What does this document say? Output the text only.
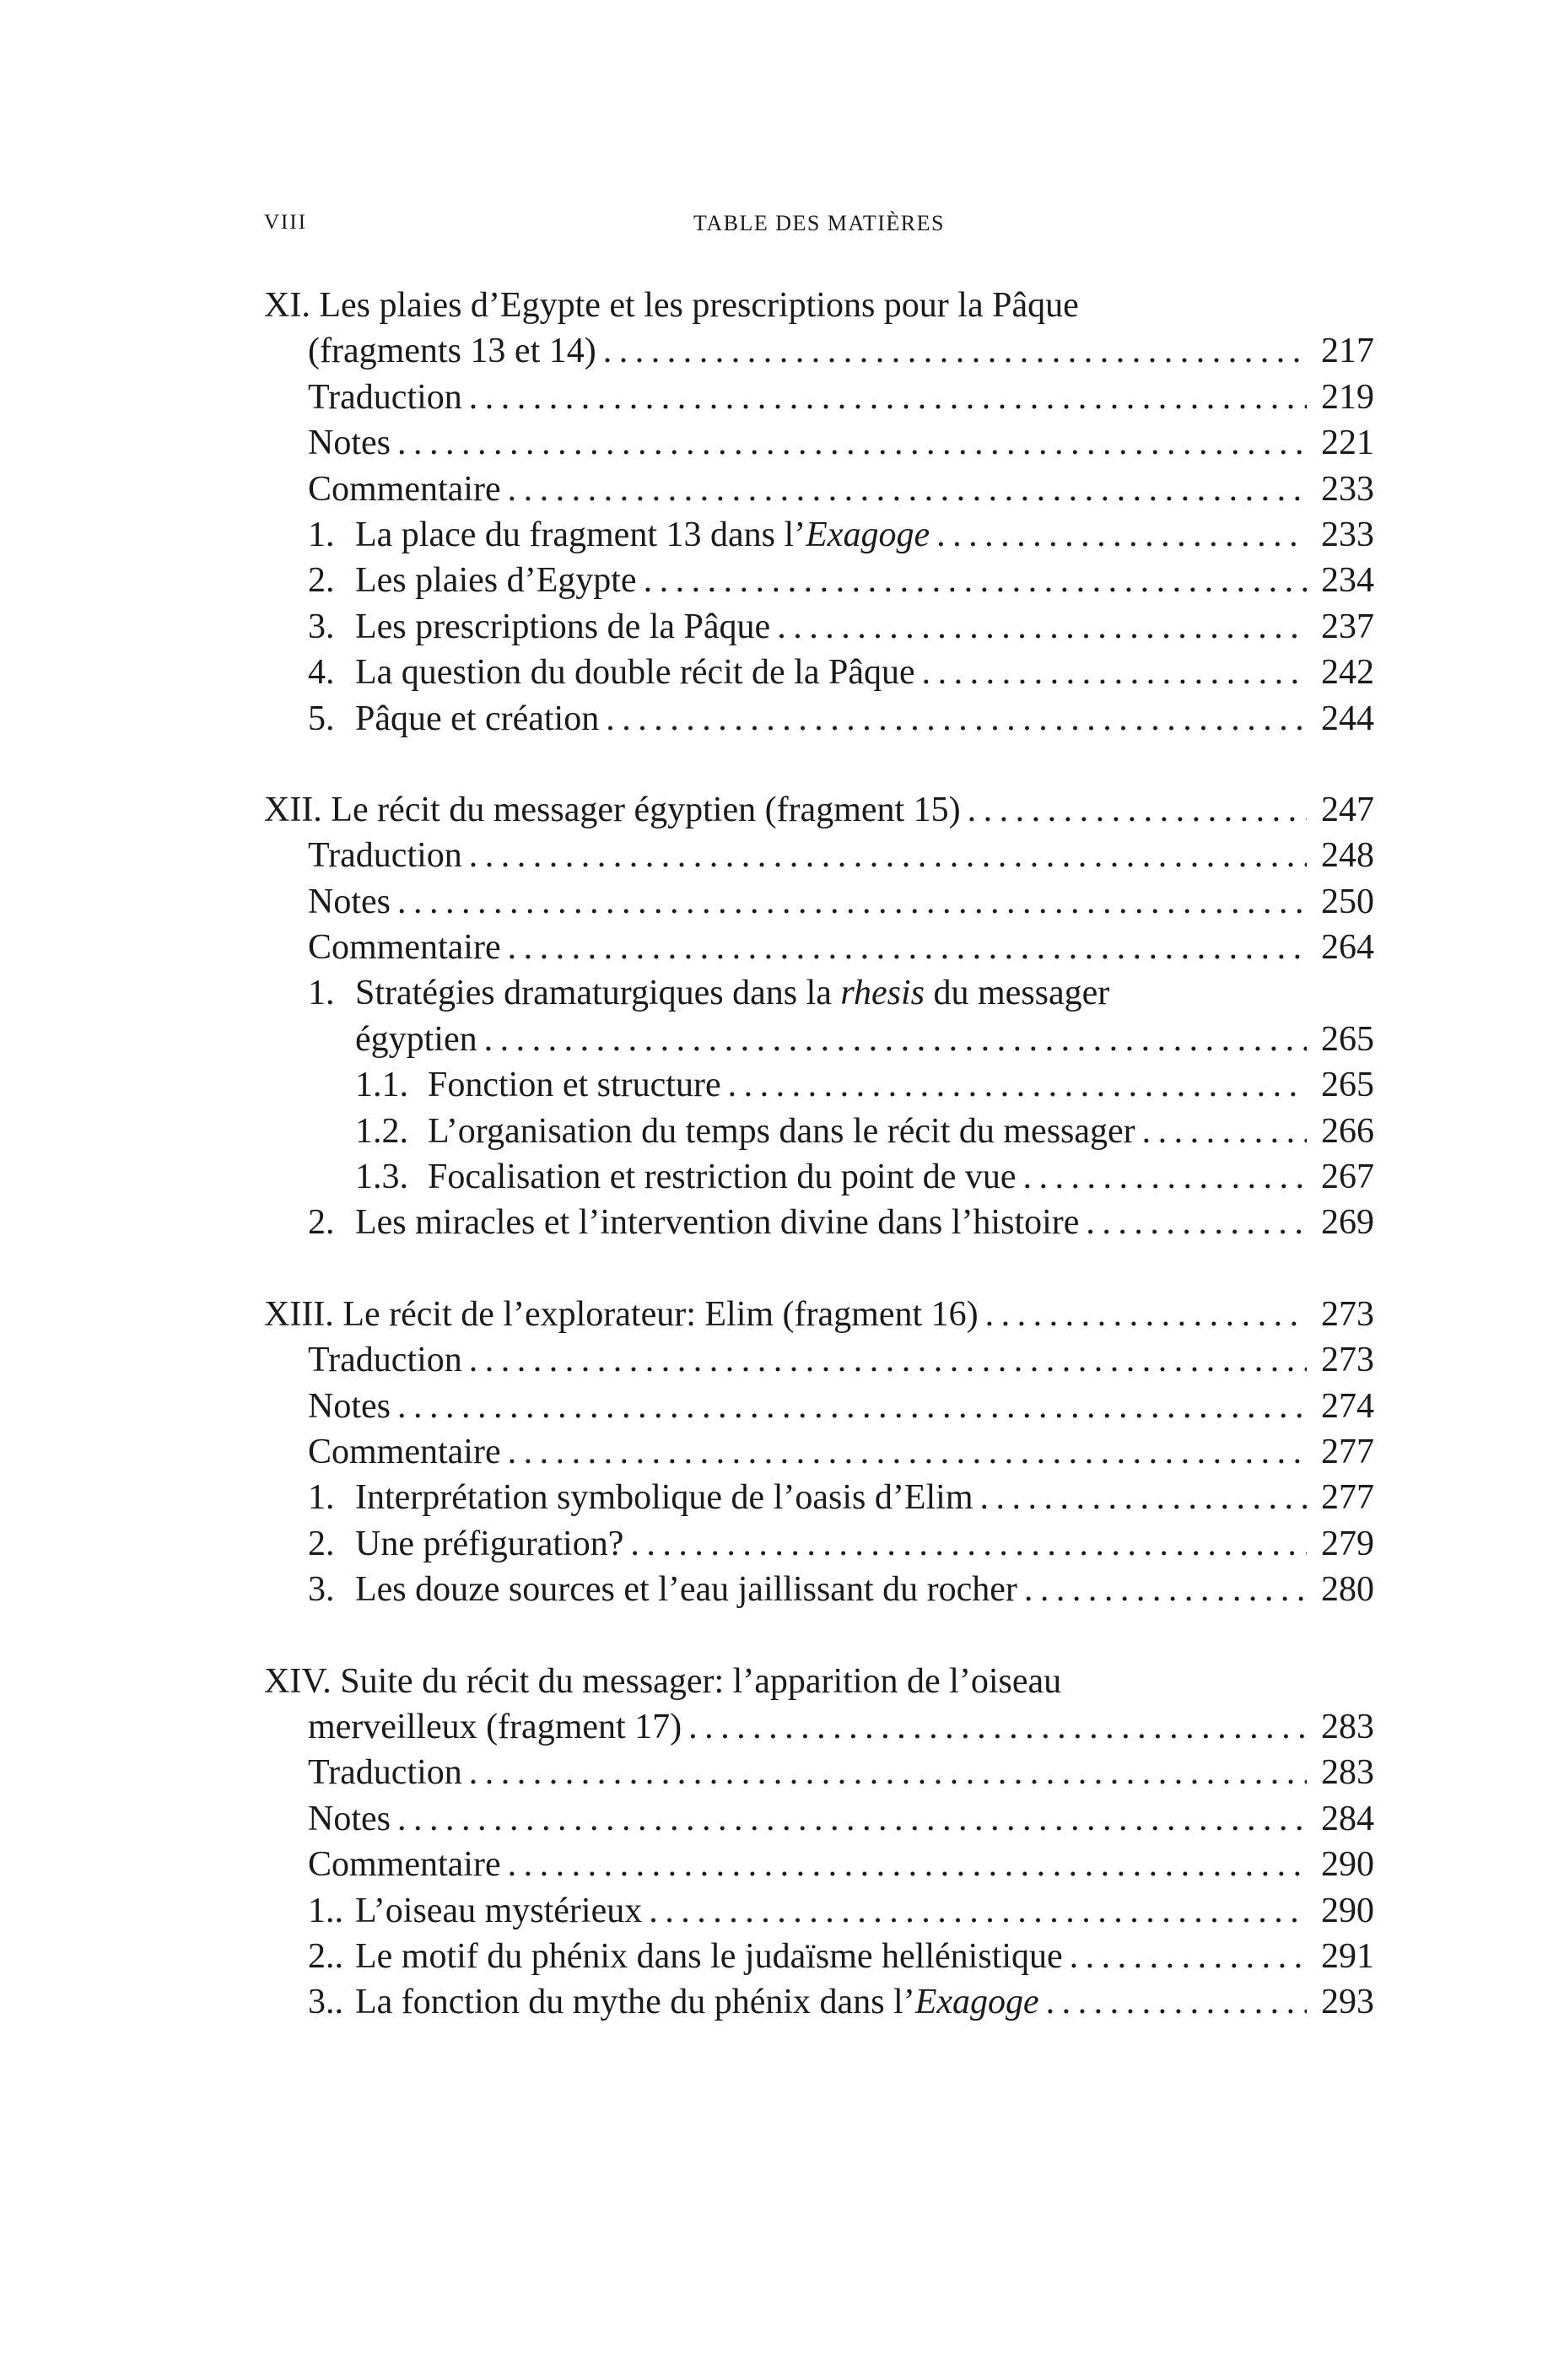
VIII	TABLE DES MATIÈRES
XI. Les plaies d’Egypte et les prescriptions pour la Pâque
(fragments 13 et 14) . . .	217
Traduction . . .	219
Notes . . .	221
Commentaire . . .	233
1. La place du fragment 13 dans l’Exagoge . . .	233
2. Les plaies d’Egypte . . .	234
3. Les prescriptions de la Pâque . . .	237
4. La question du double récit de la Pâque . . .	242
5. Pâque et création . . .	244
XII. Le récit du messager égyptien (fragment 15) . . .	247
Traduction . . .	248
Notes . . .	250
Commentaire . . .	264
1. Stratégies dramaturgiques dans la rhesis du messager
égyptien . . .	265
1.1. Fonction et structure . . .	265
1.2. L’organisation du temps dans le récit du messager . . .	266
1.3. Focalisation et restriction du point de vue . . .	267
2. Les miracles et l’intervention divine dans l’histoire . . .	269
XIII. Le récit de l’explorateur: Elim (fragment 16) . . .	273
Traduction . . .	273
Notes . . .	274
Commentaire . . .	277
1. Interprétation symbolique de l’oasis d’Elim . . .	277
2. Une préfiguration? . . .	279
3. Les douze sources et l’eau jaillissant du rocher . . .	280
XIV. Suite du récit du messager: l’apparition de l’oiseau
merveilleux (fragment 17) . . .	283
Traduction . . .	283
Notes . . .	284
Commentaire . . .	290
1.. L’oiseau mystérieux . . .	290
2.. Le motif du phénix dans le judaïsme hellénistique . . .	291
3.. La fonction du mythe du phénix dans l’Exagoge . . .	293
